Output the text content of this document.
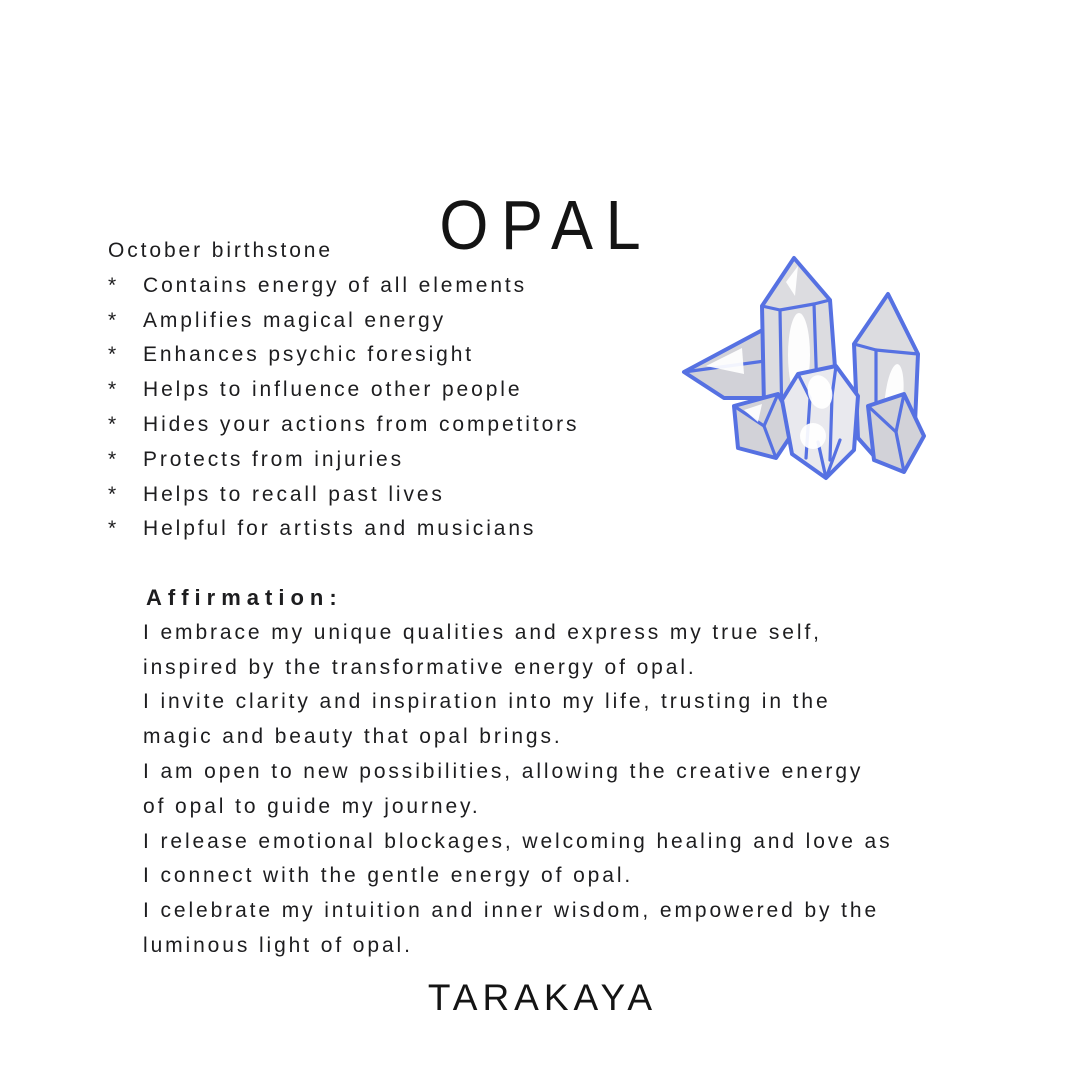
OPAL
October birthstone
* Contains energy of all elements
* Amplifies magical energy
* Enhances psychic foresight
* Helps to influence other people
* Hides your actions from competitors
* Protects from injuries
* Helps to recall past lives
* Helpful for artists and musicians
Affirmation:
I embrace my unique qualities and express my true self,
inspired by the transformative energy of opal.
I invite clarity and inspiration into my life, trusting in the
magic and beauty that opal brings.
I am open to new possibilities, allowing the creative energy
of opal to guide my journey.
I release emotional blockages, welcoming healing and love as
I connect with the gentle energy of opal.
I celebrate my intuition and inner wisdom, empowered by the
luminous light of opal.
TARAKAYA
